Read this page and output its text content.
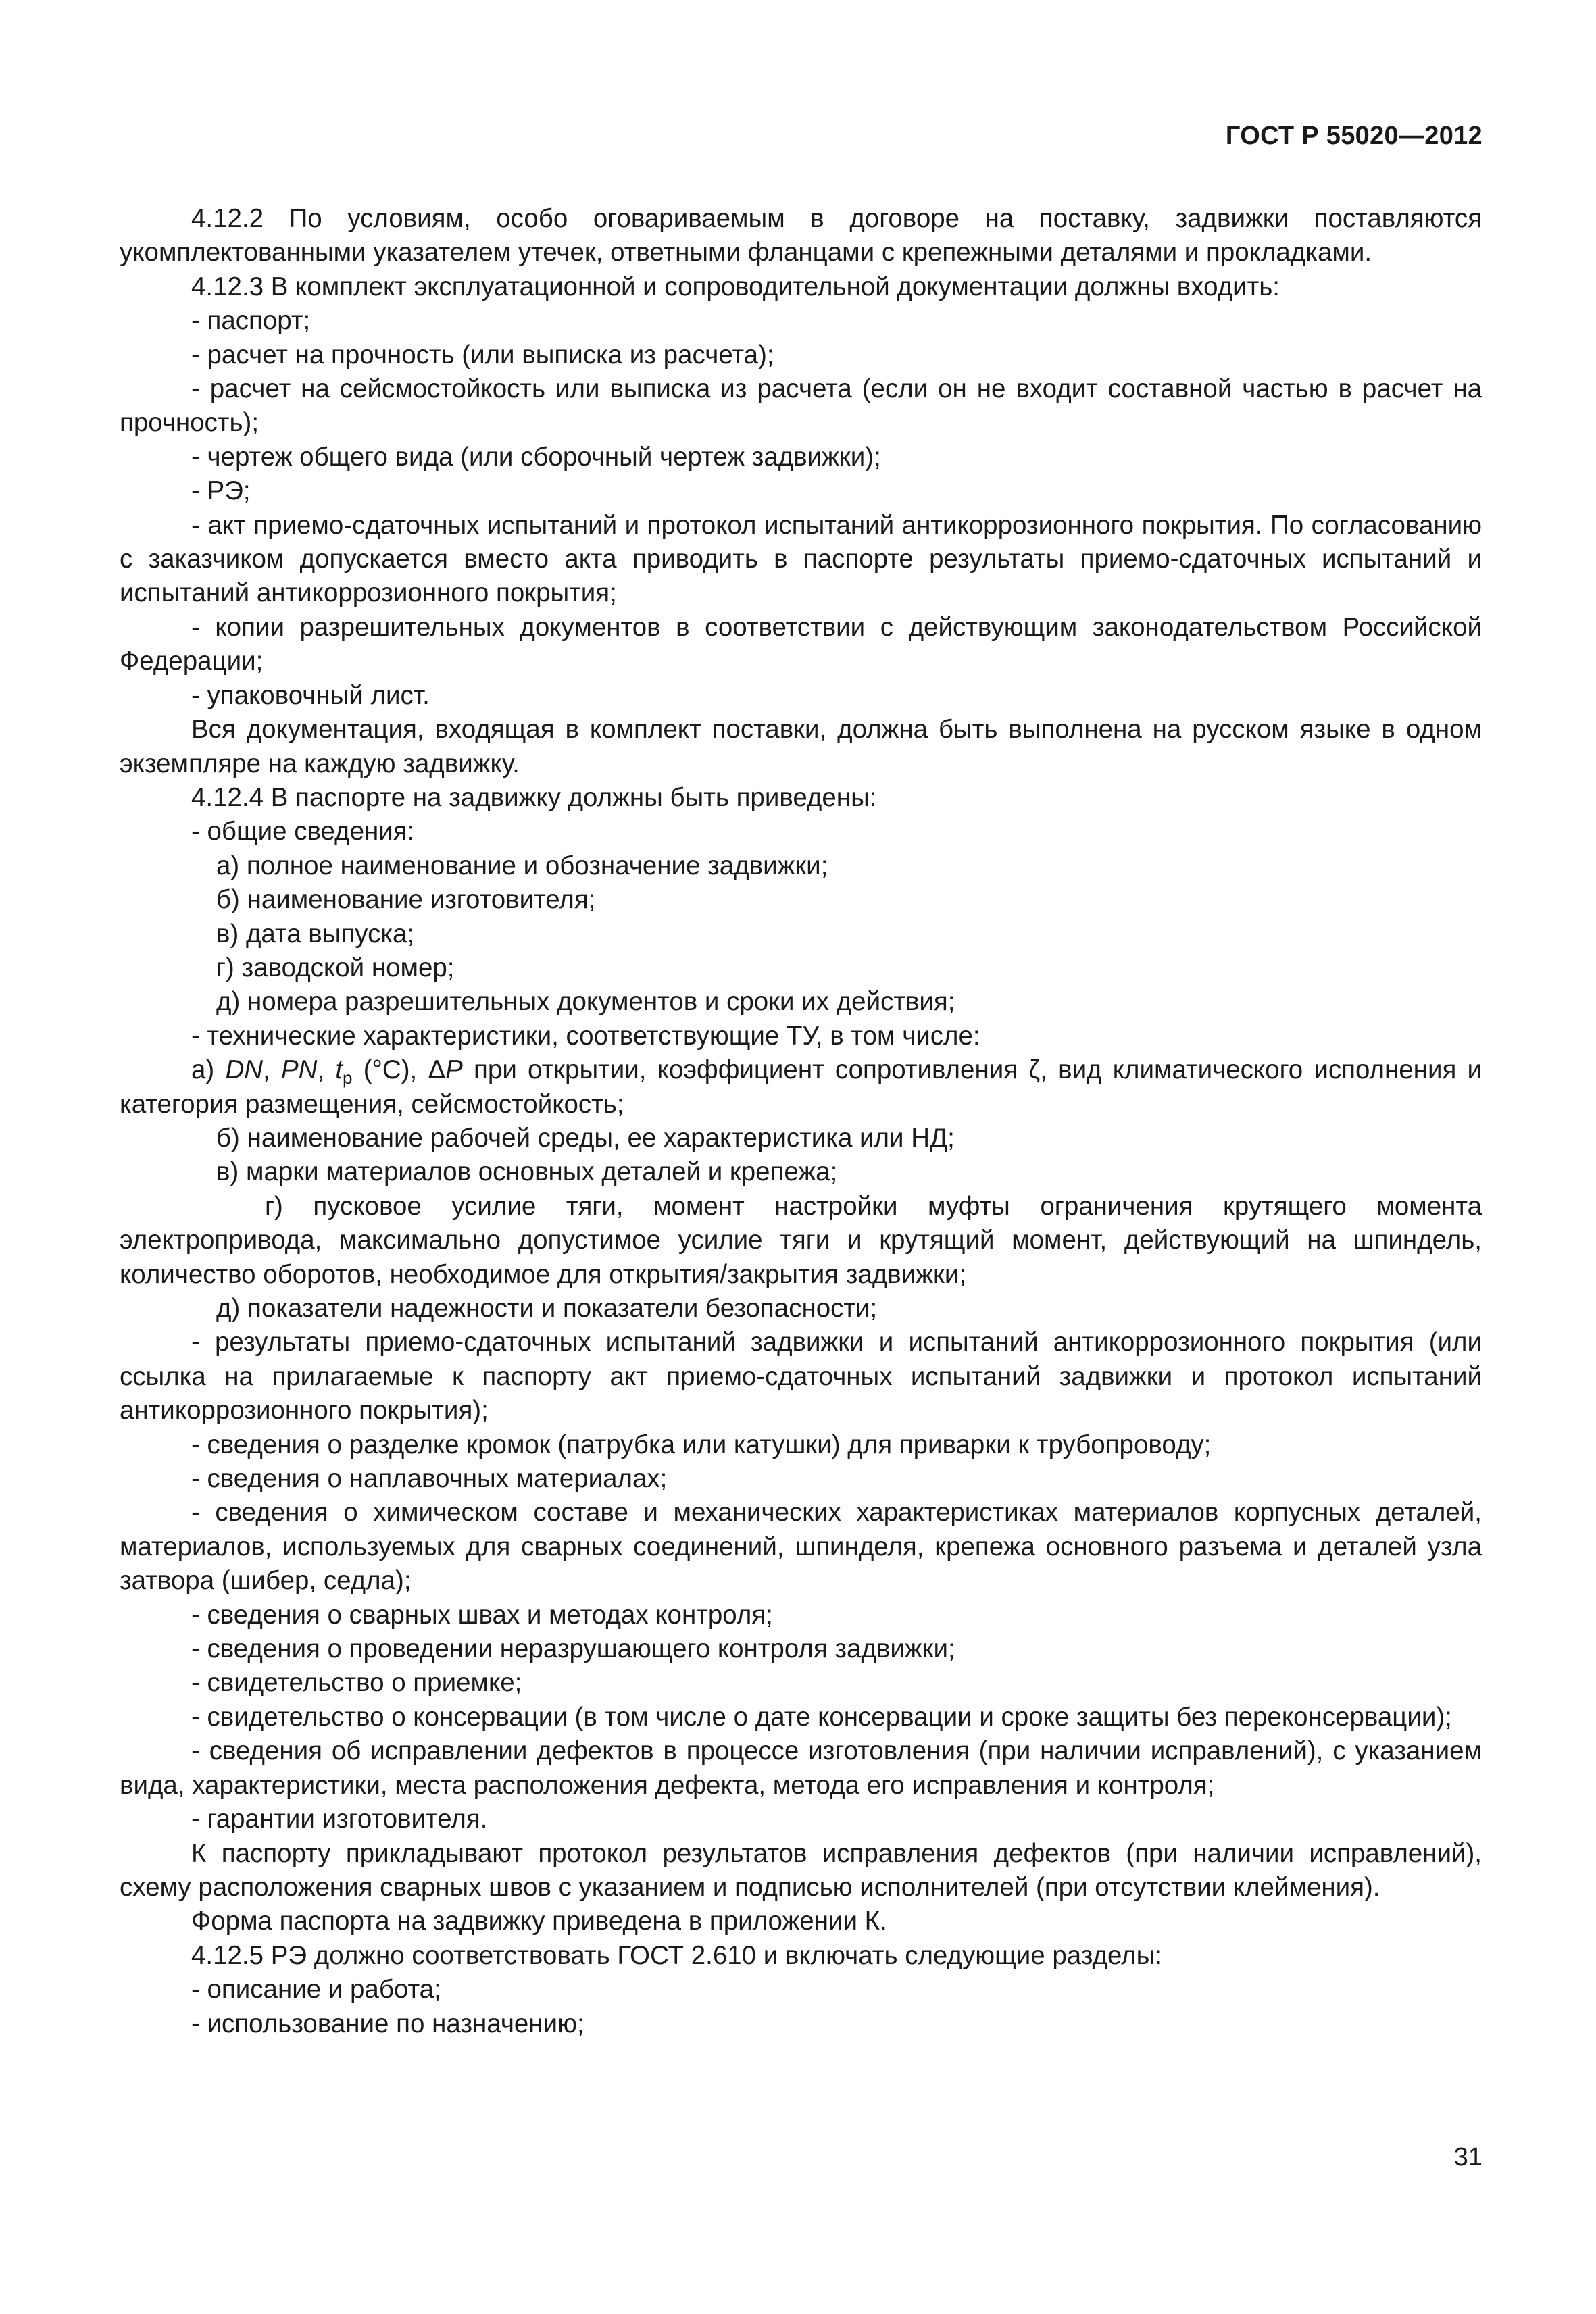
ГОСТ Р 55020—2012

4.12.2 По условиям, особо оговариваемым в договоре на поставку, задвижки поставляются укомплектованными указателем утечек, ответными фланцами с крепежными деталями и прокладками.

4.12.3 В комплект эксплуатационной и сопроводительной документации должны входить:

- паспорт;

- расчет на прочность (или выписка из расчета);

- расчет на сейсмостойкость или выписка из расчета (если он не входит составной частью в расчет на прочность);

- чертеж общего вида (или сборочный чертеж задвижки);

- РЭ;

- акт приемо-сдаточных испытаний и протокол испытаний антикоррозионного покрытия. По согласованию с заказчиком допускается вместо акта приводить в паспорте результаты приемо-сдаточных испытаний и испытаний антикоррозионного покрытия;

- копии разрешительных документов в соответствии с действующим законодательством Российской Федерации;

- упаковочный лист.

Вся документация, входящая в комплект поставки, должна быть выполнена на русском языке в одном экземпляре на каждую задвижку.

4.12.4 В паспорте на задвижку должны быть приведены:

- общие сведения:

а) полное наименование и обозначение задвижки;

б) наименование изготовителя;

в) дата выпуска;

г) заводской номер;

д) номера разрешительных документов и сроки их действия;

- технические характеристики, соответствующие ТУ, в том числе:

а) DN, PN, $t_р$ (°C), ΔP при открытии, коэффициент сопротивления ζ, вид климатического исполнения и категория размещения, сейсмостойкость;

б) наименование рабочей среды, ее характеристика или НД;

в) марки материалов основных деталей и крепежа;

г) пусковое усилие тяги, момент настройки муфты ограничения крутящего момента электропривода, максимально допустимое усилие тяги и крутящий момент, действующий на шпиндель, количество оборотов, необходимое для открытия/закрытия задвижки;

д) показатели надежности и показатели безопасности;

- результаты приемо-сдаточных испытаний задвижки и испытаний антикоррозионного покрытия (или ссылка на прилагаемые к паспорту акт приемо-сдаточных испытаний задвижки и протокол испытаний антикоррозионного покрытия);

- сведения о разделке кромок (патрубка или катушки) для приварки к трубопроводу;

- сведения о наплавочных материалах;

- сведения о химическом составе и механических характеристиках материалов корпусных деталей, материалов, используемых для сварных соединений, шпинделя, крепежа основного разъема и деталей узла затвора (шибер, седла);

- сведения о сварных швах и методах контроля;

- сведения о проведении неразрушающего контроля задвижки;

- свидетельство о приемке;

- свидетельство о консервации (в том числе о дате консервации и сроке защиты без переконсервации);

- сведения об исправлении дефектов в процессе изготовления (при наличии исправлений), с указанием вида, характеристики, места расположения дефекта, метода его исправления и контроля;

- гарантии изготовителя.

К паспорту прикладывают протокол результатов исправления дефектов (при наличии исправлений), схему расположения сварных швов с указанием и подписью исполнителей (при отсутствии клеймения).

Форма паспорта на задвижку приведена в приложении К.

4.12.5 РЭ должно соответствовать ГОСТ 2.610 и включать следующие разделы:

- описание и работа;

- использование по назначению;

31
